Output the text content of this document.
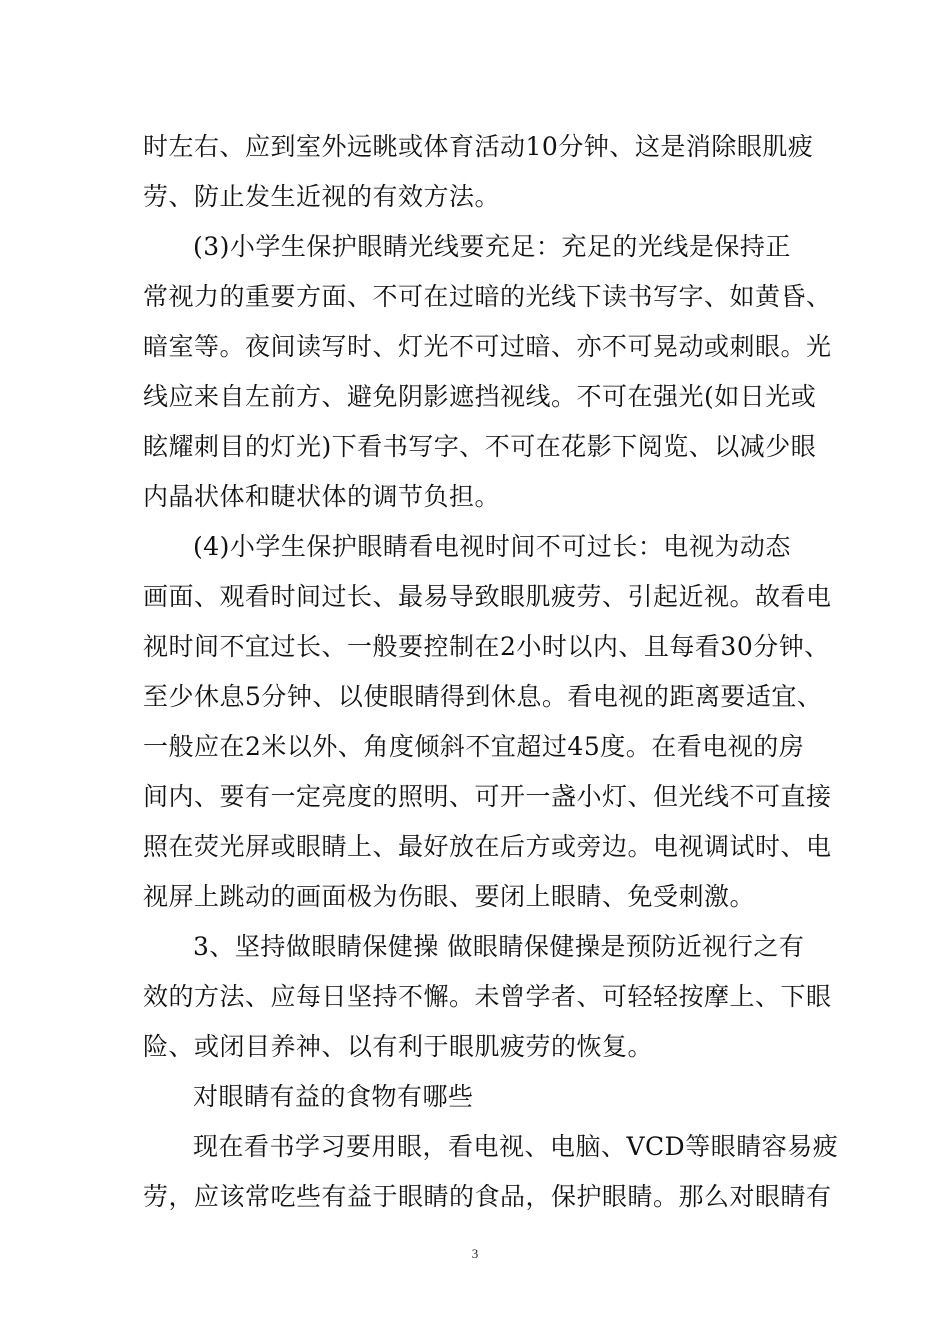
时左右、应到室外远眺或体育活动10分钟、这是消除眼肌疲
劳、防止发生近视的有效方法。
(3)小学生保护眼睛光线要充足：充足的光线是保持正
常视力的重要方面、不可在过暗的光线下读书写字、如黄昏、
暗室等。夜间读写时、灯光不可过暗、亦不可晃动或刺眼。光
线应来自左前方、避免阴影遮挡视线。不可在强光(如日光或
眩耀刺目的灯光)下看书写字、不可在花影下阅览、以减少眼
内晶状体和睫状体的调节负担。
(4)小学生保护眼睛看电视时间不可过长：电视为动态
画面、观看时间过长、最易导致眼肌疲劳、引起近视。故看电
视时间不宜过长、一般要控制在2小时以内、且每看30分钟、
至少休息5分钟、以使眼睛得到休息。看电视的距离要适宜、
一般应在2米以外、角度倾斜不宜超过45度。在看电视的房
间内、要有一定亮度的照明、可开一盏小灯、但光线不可直接
照在荧光屏或眼睛上、最好放在后方或旁边。电视调试时、电
视屏上跳动的画面极为伤眼、要闭上眼睛、免受刺激。
3、坚持做眼睛保健操 做眼睛保健操是预防近视行之有
效的方法、应每日坚持不懈。未曾学者、可轻轻按摩上、下眼
险、或闭目养神、以有利于眼肌疲劳的恢复。
对眼睛有益的食物有哪些
现在看书学习要用眼，看电视、电脑、VCD等眼睛容易疲
劳，应该常吃些有益于眼睛的食品，保护眼睛。那么对眼睛有
3
